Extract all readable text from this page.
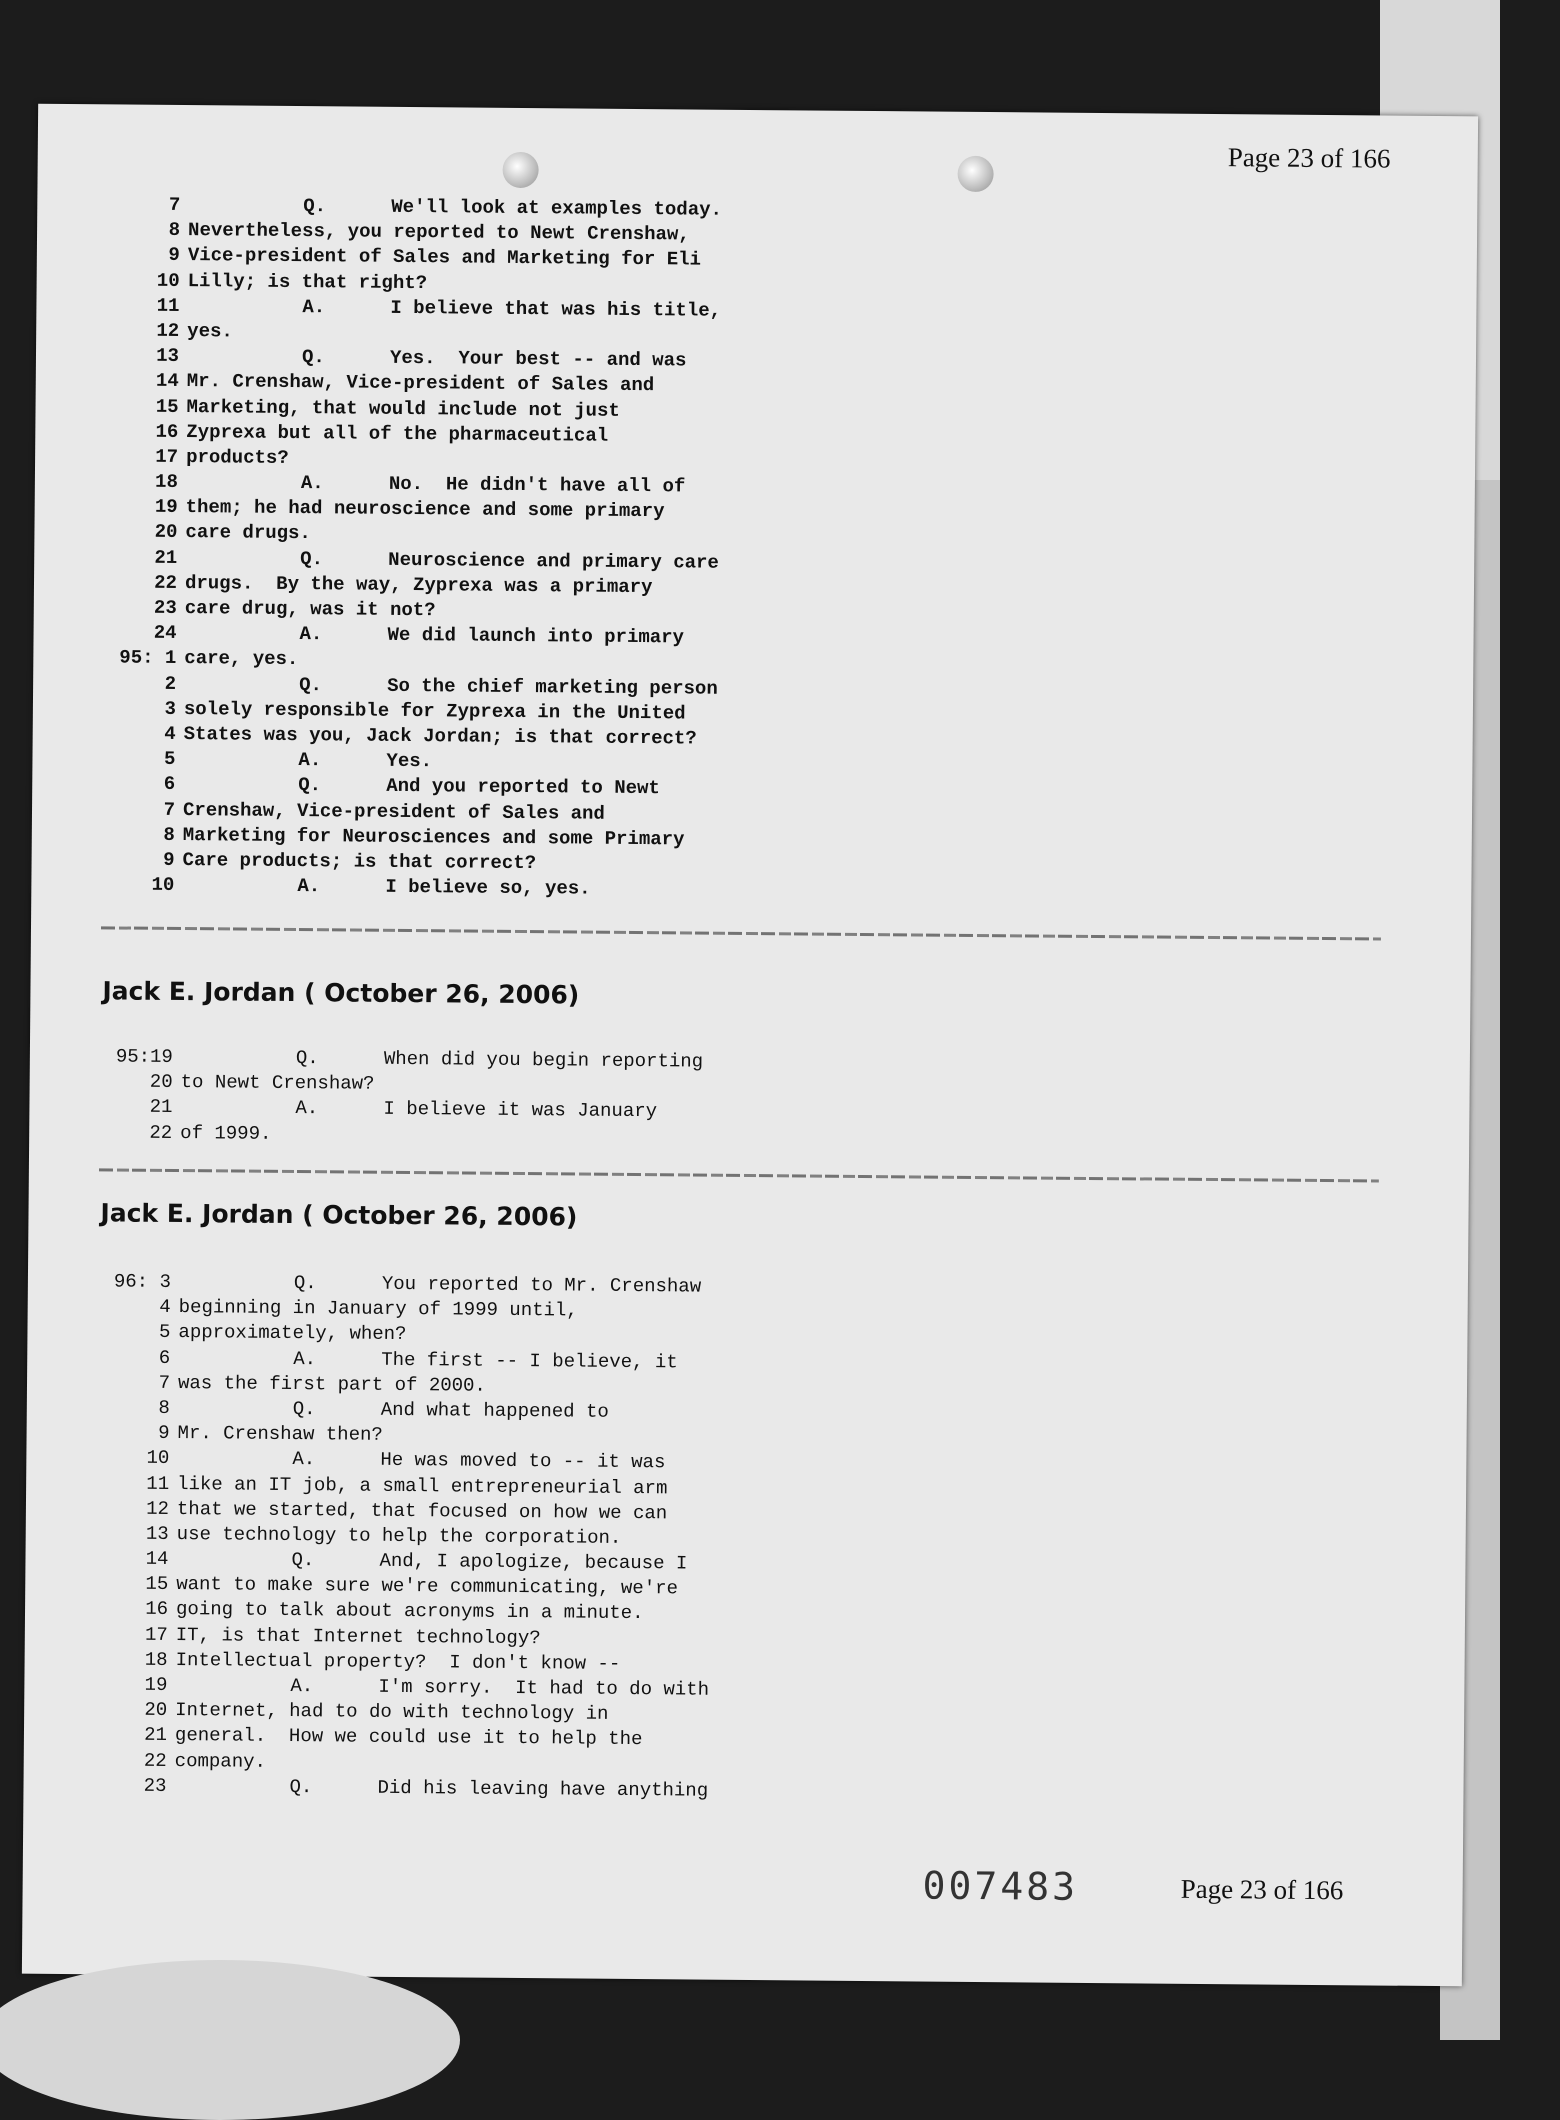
Page 23 of 166
7	Q.	We'll look at examples today.
8 Nevertheless, you reported to Newt Crenshaw,
9 Vice-president of Sales and Marketing for Eli
10 Lilly; is that right?
11	A.	I believe that was his title,
12 yes.
13	Q.	Yes.  Your best -- and was
14 Mr. Crenshaw, Vice-president of Sales and
15 Marketing, that would include not just
16 Zyprexa but all of the pharmaceutical
17 products?
18	A.	No.  He didn't have all of
19 them; he had neuroscience and some primary
20 care drugs.
21	Q.	Neuroscience and primary care
22 drugs.  By the way, Zyprexa was a primary
23 care drug, was it not?
24	A.	We did launch into primary
95: 1 care, yes.
2	Q.	So the chief marketing person
3 solely responsible for Zyprexa in the United
4 States was you, Jack Jordan; is that correct?
5	A.	Yes.
6	Q.	And you reported to Newt
7 Crenshaw, Vice-president of Sales and
8 Marketing for Neurosciences and some Primary
9 Care products; is that correct?
10	A.	I believe so, yes.
Jack E. Jordan ( October 26, 2006)
95:19	Q.	When did you begin reporting
20 to Newt Crenshaw?
21	A.	I believe it was January
22 of 1999.
Jack E. Jordan ( October 26, 2006)
96: 3	Q.	You reported to Mr. Crenshaw
4 beginning in January of 1999 until,
5 approximately, when?
6	A.	The first -- I believe, it
7 was the first part of 2000.
8	Q.	And what happened to
9 Mr. Crenshaw then?
10	A.	He was moved to -- it was
11 like an IT job, a small entrepreneurial arm
12 that we started, that focused on how we can
13 use technology to help the corporation.
14	Q.	And, I apologize, because I
15 want to make sure we're communicating, we're
16 going to talk about acronyms in a minute.
17 IT, is that Internet technology?
18 Intellectual property?  I don't know --
19	A.	I'm sorry.  It had to do with
20 Internet, had to do with technology in
21 general.  How we could use it to help the
22 company.
23	Q.	Did his leaving have anything
007483	Page 23 of 166
